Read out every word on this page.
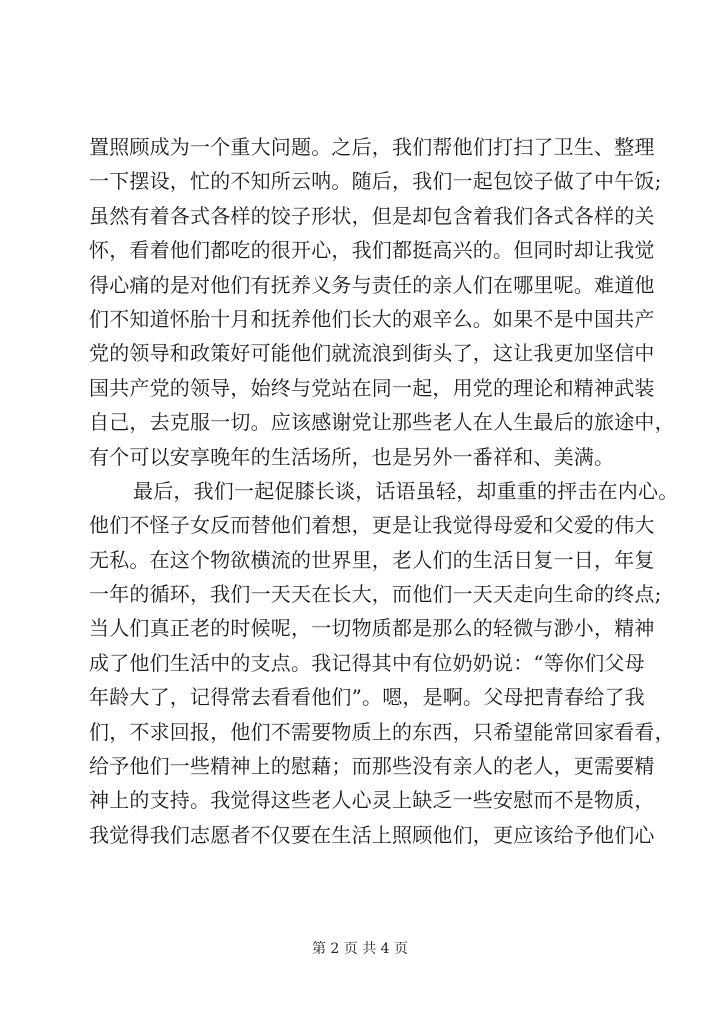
置照顾成为一个重大问题。之后，我们帮他们打扫了卫生、整理
一下摆设，忙的不知所云呐。随后，我们一起包饺子做了中午饭;
虽然有着各式各样的饺子形状，但是却包含着我们各式各样的关
怀，看着他们都吃的很开心，我们都挺高兴的。但同时却让我觉
得心痛的是对他们有抚养义务与责任的亲人们在哪里呢。难道他
们不知道怀胎十月和抚养他们长大的艰辛么。如果不是中国共产
党的领导和政策好可能他们就流浪到街头了，这让我更加坚信中
国共产党的领导，始终与党站在同一起，用党的理论和精神武装
自己，去克服一切。应该感谢党让那些老人在人生最后的旅途中，
有个可以安享晚年的生活场所，也是另外一番祥和、美满。
最后，我们一起促膝长谈，话语虽轻，却重重的抨击在内心。
他们不怪子女反而替他们着想，更是让我觉得母爱和父爱的伟大
无私。在这个物欲横流的世界里，老人们的生活日复一日，年复
一年的循环，我们一天天在长大，而他们一天天走向生命的终点;
当人们真正老的时候呢，一切物质都是那么的轻微与渺小，精神
成了他们生活中的支点。我记得其中有位奶奶说：“等你们父母
年龄大了，记得常去看看他们”。嗯，是啊。父母把青春给了我
们，不求回报，他们不需要物质上的东西，只希望能常回家看看，
给予他们一些精神上的慰藉；而那些没有亲人的老人，更需要精
神上的支持。我觉得这些老人心灵上缺乏一些安慰而不是物质，
我觉得我们志愿者不仅要在生活上照顾他们，更应该给予他们心
第 2 页 共 4 页
